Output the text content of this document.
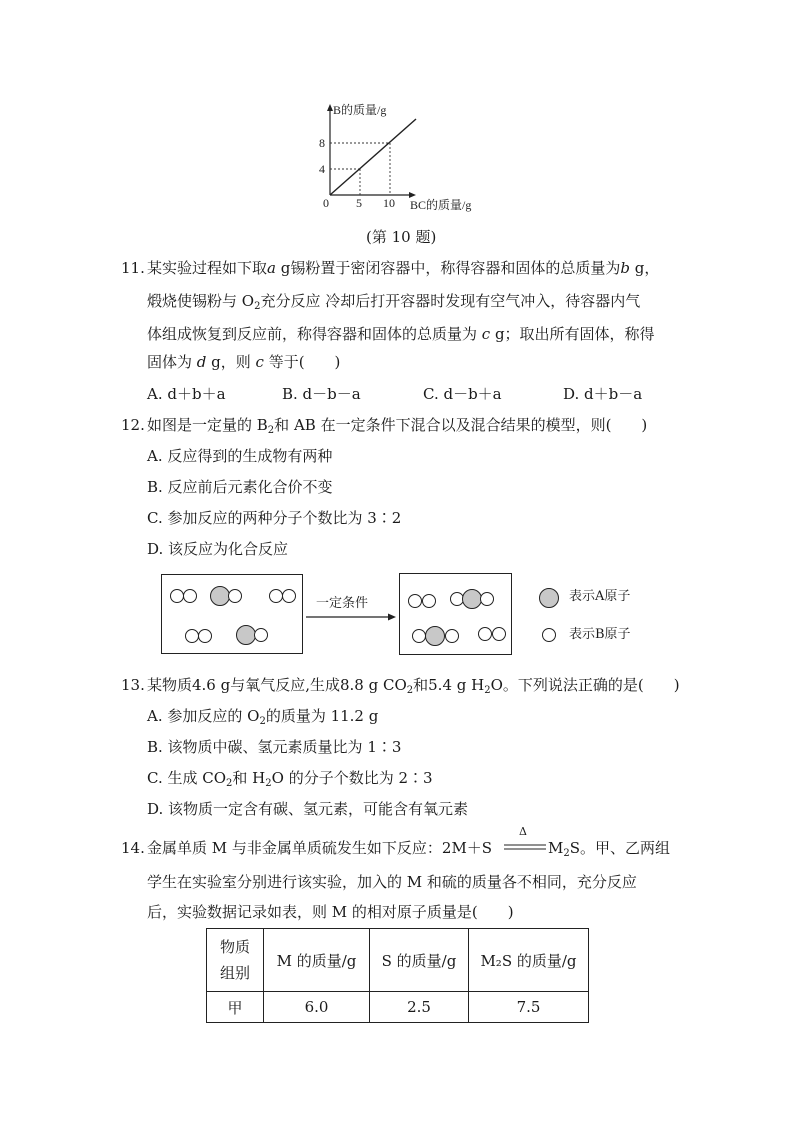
B的质量/g
BC的质量/g
0 5 10
4
8
(第 10 题)
11. 某实验过程如下取a g锡粉置于密闭容器中，称得容器和固体的总质量为b g，
煅烧使锡粉与 $O_2$充分反应 冷却后打开容器时发现有空气冲入，待容器内气
体组成恢复到反应前，称得容器和固体的总质量为 c g；取出所有固体，称得
固体为 d g，则 c 等于(　　)
A. d＋b＋a	B. d－b－a	C. d－b＋a	D. d＋b－a
12. 如图是一定量的 $B_2$和 AB 在一定条件下混合以及混合结果的模型，则(　　)
A. 反应得到的生成物有两种
B. 反应前后元素化合价不变
C. 参加反应的两种分子个数比为 3∶2
D. 该反应为化合反应
一定条件	表示A原子
表示B原子
13. 某物质4.6 g与氧气反应,生成8.8 g $CO_2$和5.4 g $H_2O$。下列说法正确的是(　　)
A. 参加反应的 $O_2$的质量为 11.2 g
B. 该物质中碳、氢元素质量比为 1∶3
C. 生成 $CO_2$和 $H_2O$ 的分子个数比为 2∶3
D. 该物质一定含有碳、氢元素，可能含有氧元素
14. 金属单质 M 与非金属单质硫发生如下反应：2M＋S
Δ
$M_2S$。甲、乙两组
学生在实验室分别进行该实验，加入的 M 和硫的质量各不相同，充分反应
后，实验数据记录如表，则 M 的相对原子质量是(　　)
物质
组别	M 的质量/g	S 的质量/g	M₂S 的质量/g
甲	6.0	2.5	7.5
